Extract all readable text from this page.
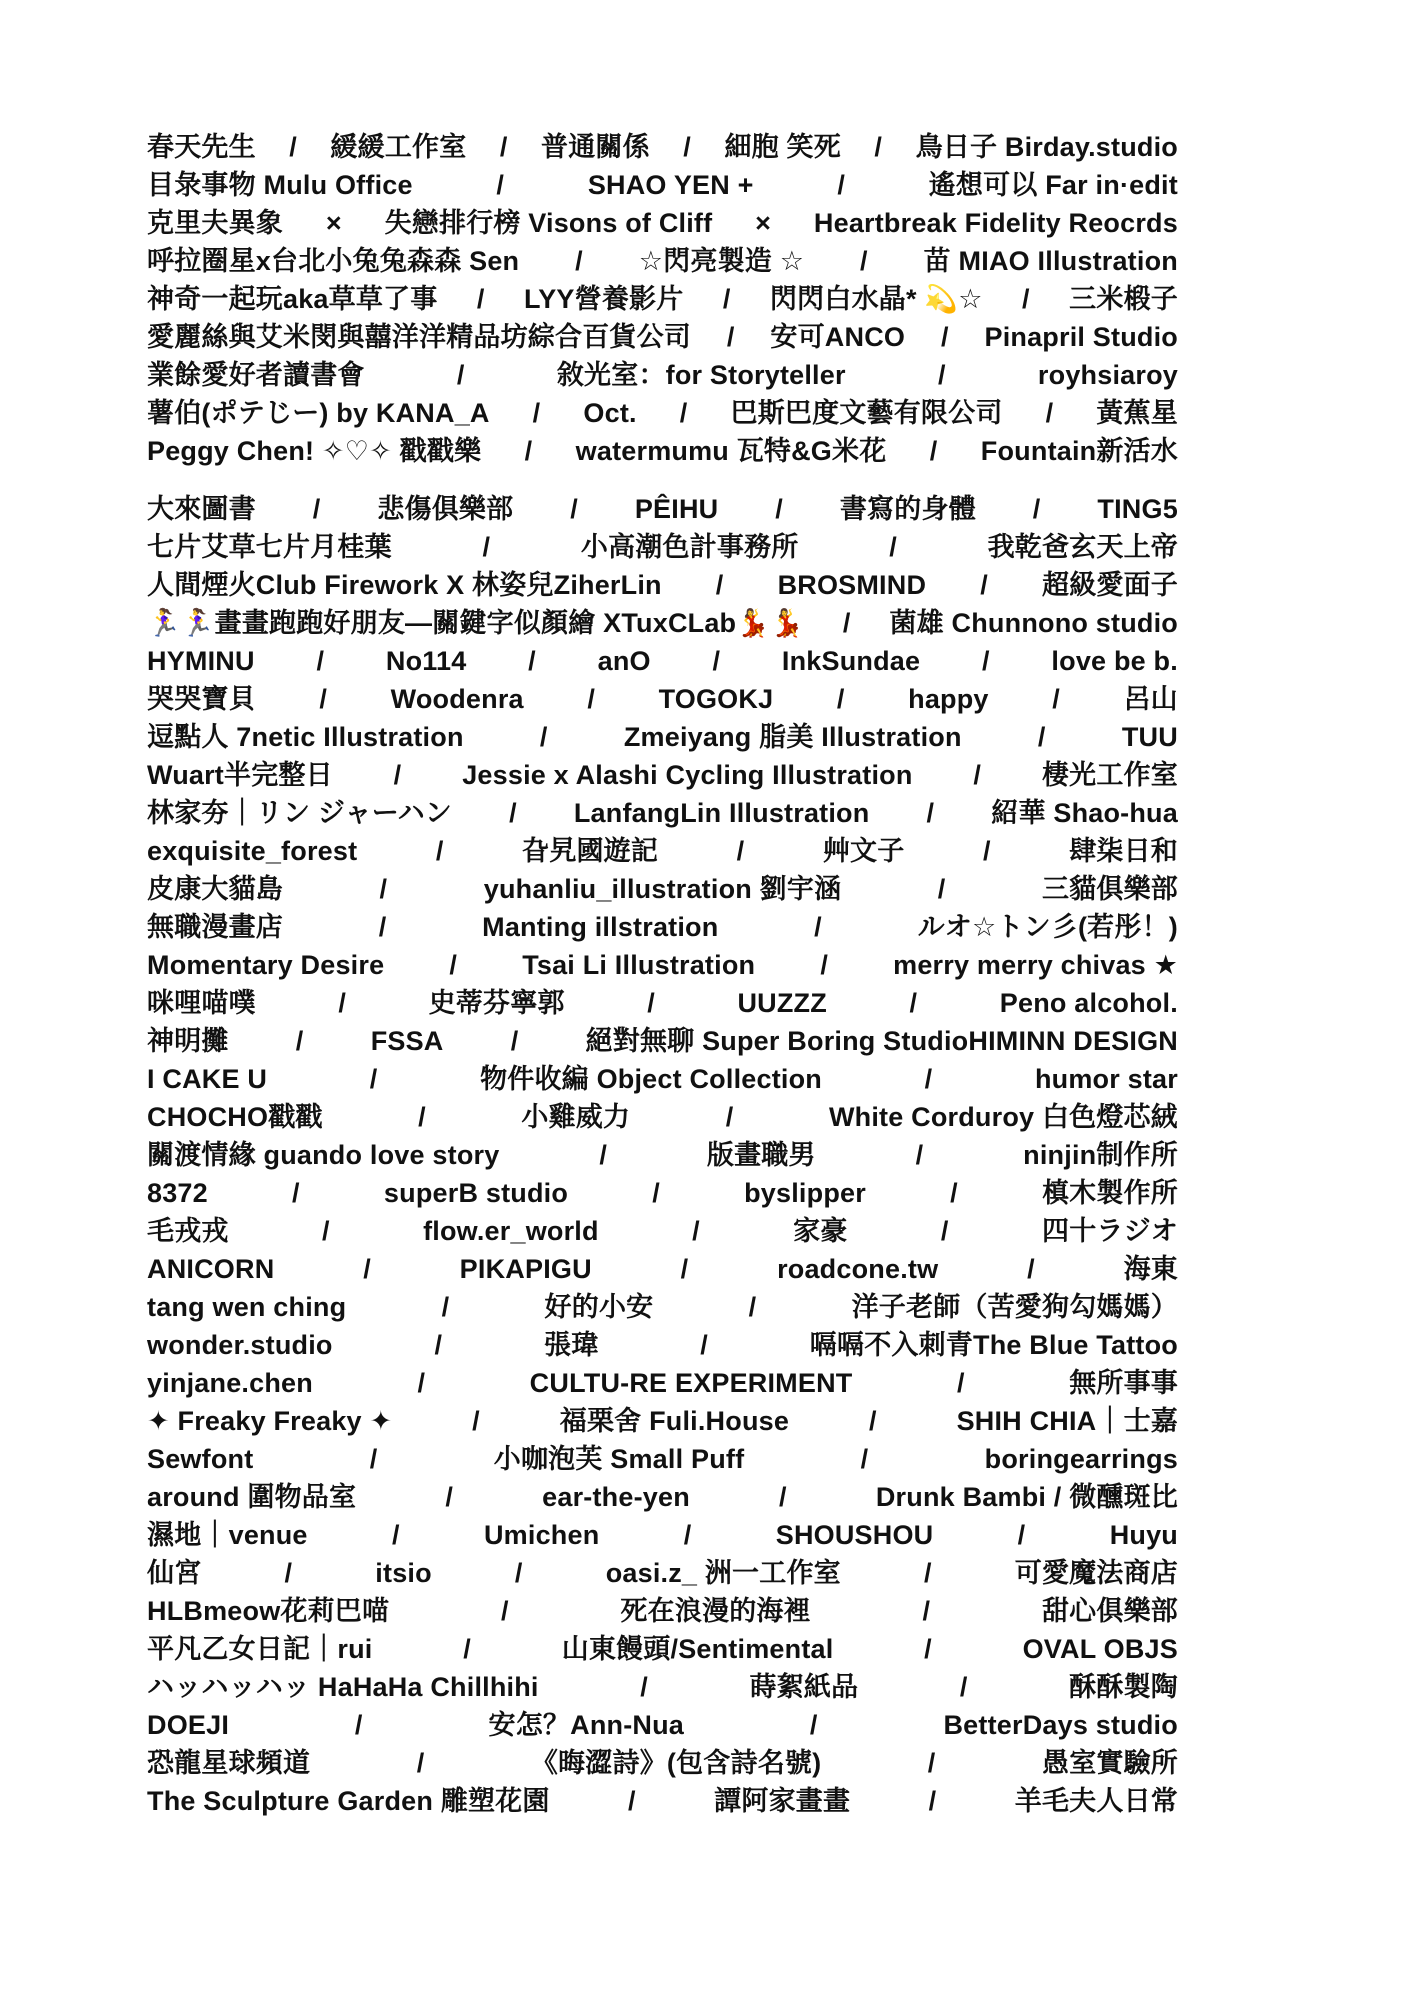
春天先生 / 緩緩工作室 / 普通關係 / 細胞 笑死 / 鳥日子 Birday.studio
目彔事物 Mulu Office	/	SHAO YEN +	/	遙想可以 Far in·edit
克里夫異象 × 失戀排行榜 Visons of Cliff × Heartbreak Fidelity Reocrds
呼拉圈星x台北小兔兔森森 Sen / ☆閃亮製造 ☆ / 苗 MIAO Illustration
神奇一起玩aka草草了事 / LYY營養影片 / 閃閃白水晶* 💫☆ / 三米椴子
愛麗絲與艾米閔與囍洋洋精品坊綜合百貨公司 / 安可ANCO / Pinapril Studio
業餘愛好者讀書會	/	敘光室：for Storyteller	/	royhsiaroy
薯伯(ポテじー) by KANA_A / Oct. / 巴斯巴度文藝有限公司 / 黃蕉星
Peggy Chen! ✧♡✧ 戳戳樂 / watermumu 瓦特&G米花 / Fountain新活水
大來圖書 / 悲傷俱樂部 / PÊIHU / 書寫的身體 / TING5
七片艾草七片月桂葉	/	小高潮色計事務所	/	我乾爸玄天上帝
人間煙火Club Firework X 林姿兒ZiherLin / BROSMIND / 超級愛面子
🏃‍♀️🏃‍♀️畫畫跑跑好朋友—關鍵字似顏繪 XTuxCLab💃💃 / 菌雄 Chunnono studio
HYMINU / No114 / anO / InkSundae / love be b.
哭哭寶貝 / Woodenra / TOGOKJ / happy / 呂山
逗點人 7netic Illustration	/	Zmeiyang 脂美 Illustration	/	TUU
Wuart半完整日 / Jessie x Alashi Cycling Illustration / 棲光工作室
林家夯｜リン ジャーハン / LanfangLin Illustration / 紹華 Shao-hua
exquisite_forest	/	旮旯國遊記	/	艸文子	/	肆柒日和
皮康大貓島	/	yuhanliu_illustration 劉宇涵	/	三貓俱樂部
無職漫畫店	/	Manting illstration	/	ルオ☆トン彡(若彤！)
Momentary Desire / Tsai Li Illustration / merry merry chivas ★
咪哩喵噗	/	史蒂芬寧郭	/	UUZZZ	/	Peno alcohol.
神明攤 / FSSA / 絕對無聊 Super Boring StudioHIMINN DESIGN
I CAKE U	/	物件收編 Object Collection	/	humor star
CHOCHO戳戳	/	小雞威力	/	White Corduroy 白色燈芯絨
關渡情緣 guando love story	/	版畫職男	/	ninjin制作所
8372	/	superB studio	/	byslipper	/	槙木製作所
毛戎戎	/	flow.er_world	/	家豪	/	四十ラジオ
ANICORN	/	PIKAPIGU	/	roadcone.tw	/	海東
tang wen ching	/	好的小安	/	洋子老師（苦愛狗勾媽媽）
wonder.studio	/	張瑋	/	嗝嗝不入刺青The Blue Tattoo
yinjane.chen	/	CULTU-RE EXPERIMENT	/	無所事事
✦ Freaky Freaky ✦	/	福栗舍 Fuli.House	/	SHIH CHIA｜士嘉
Sewfont	/	小咖泡芙 Small Puff	/	boringearrings
around 圍物品室	/	ear-the-yen	/	Drunk Bambi / 微醺斑比
濕地｜venue	/	Umichen	/	SHOUSHOU	/	Huyu
仙宮	/	itsio	/	oasi.z_ 洲一工作室	/	可愛魔法商店
HLBmeow花莉巴喵	/	死在浪漫的海裡	/	甜心俱樂部
平凡乙女日記｜rui	/	山東饅頭/Sentimental	/	OVAL OBJS
ハッハッハッ HaHaHa Chillhihi	/	蒔絮紙品	/	酥酥製陶
DOEJI	/	安怎？Ann-Nua	/	BetterDays studio
恐龍星球頻道	/	《晦澀詩》(包含詩名號)	/	愚室實驗所
The Sculpture Garden 雕塑花園	/	譚阿家畫畫	/	羊毛夫人日常
